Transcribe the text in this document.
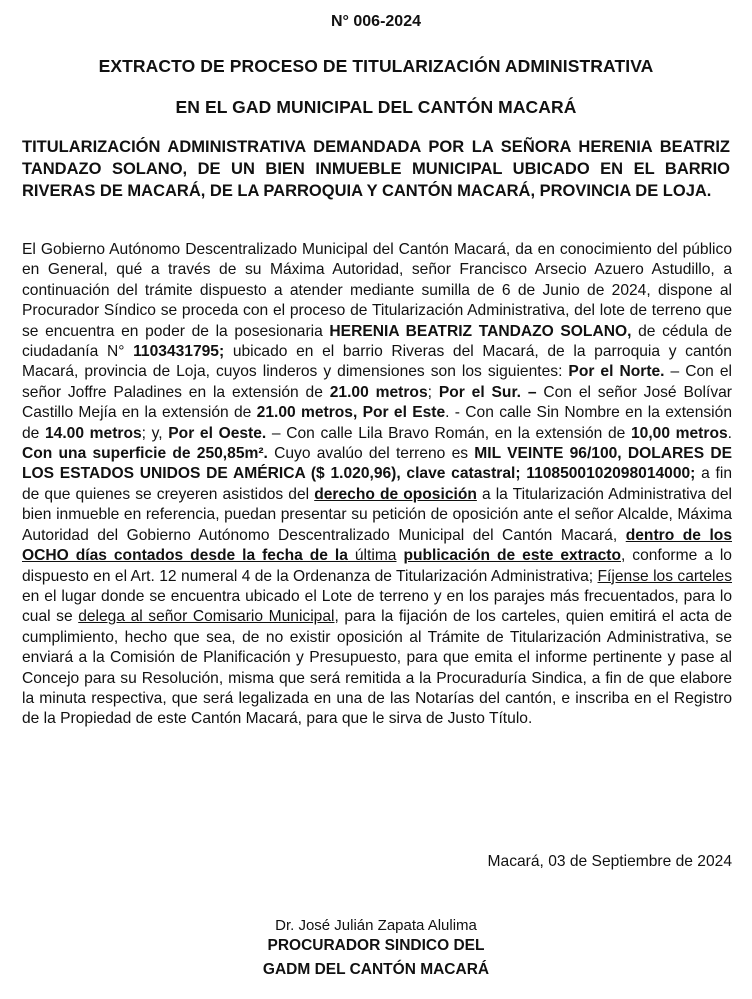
N° 006-2024
EXTRACTO DE PROCESO DE TITULARIZACIÓN ADMINISTRATIVA
EN EL GAD MUNICIPAL DEL CANTÓN MACARÁ
TITULARIZACIÓN ADMINISTRATIVA DEMANDADA POR LA SEÑORA HERENIA BEATRIZ TANDAZO SOLANO, DE UN BIEN INMUEBLE MUNICIPAL UBICADO EN EL BARRIO RIVERAS DE MACARÁ, DE LA PARROQUIA Y CANTÓN MACARÁ, PROVINCIA DE LOJA.
El Gobierno Autónomo Descentralizado Municipal del Cantón Macará, da en conocimiento del público en General, qué a través de su Máxima Autoridad, señor Francisco Arsecio Azuero Astudillo, a continuación del trámite dispuesto a atender mediante sumilla de 6 de Junio de 2024, dispone al Procurador Síndico se proceda con el proceso de Titularización Administrativa, del lote de terreno que se encuentra en poder de la posesionaria HERENIA BEATRIZ TANDAZO SOLANO, de cédula de ciudadanía N° 1103431795; ubicado en el barrio Riveras del Macará, de la parroquia y cantón Macará, provincia de Loja, cuyos linderos y dimensiones son los siguientes: Por el Norte. – Con el señor Joffre Paladines en la extensión de 21.00 metros; Por el Sur. – Con el señor José Bolívar Castillo Mejía en la extensión de 21.00 metros, Por el Este. - Con calle Sin Nombre en la extensión de 14.00 metros; y, Por el Oeste. – Con calle Lila Bravo Román, en la extensión de 10,00 metros. Con una superficie de 250,85m². Cuyo avalúo del terreno es MIL VEINTE 96/100, DOLARES DE LOS ESTADOS UNIDOS DE AMÉRICA ($ 1.020,96), clave catastral; 1108500102098014000; a fin de que quienes se creyeren asistidos del derecho de oposición a la Titularización Administrativa del bien inmueble en referencia, puedan presentar su petición de oposición ante el señor Alcalde, Máxima Autoridad del Gobierno Autónomo Descentralizado Municipal del Cantón Macará, dentro de los OCHO días contados desde la fecha de la última publicación de este extracto, conforme a lo dispuesto en el Art. 12 numeral 4 de la Ordenanza de Titularización Administrativa; Fíjense los carteles en el lugar donde se encuentra ubicado el Lote de terreno y en los parajes más frecuentados, para lo cual se delega al señor Comisario Municipal, para la fijación de los carteles, quien emitirá el acta de cumplimiento, hecho que sea, de no existir oposición al Trámite de Titularización Administrativa, se enviará a la Comisión de Planificación y Presupuesto, para que emita el informe pertinente y pase al Concejo para su Resolución, misma que será remitida a la Procuraduría Sindica, a fin de que elabore la minuta respectiva, que será legalizada en una de las Notarías del cantón, e inscriba en el Registro de la Propiedad de este Cantón Macará, para que le sirva de Justo Título.
Macará, 03 de Septiembre de 2024
Dr. José Julián Zapata Alulima
PROCURADOR SINDICO DEL
GADM DEL CANTÓN MACARÁ
